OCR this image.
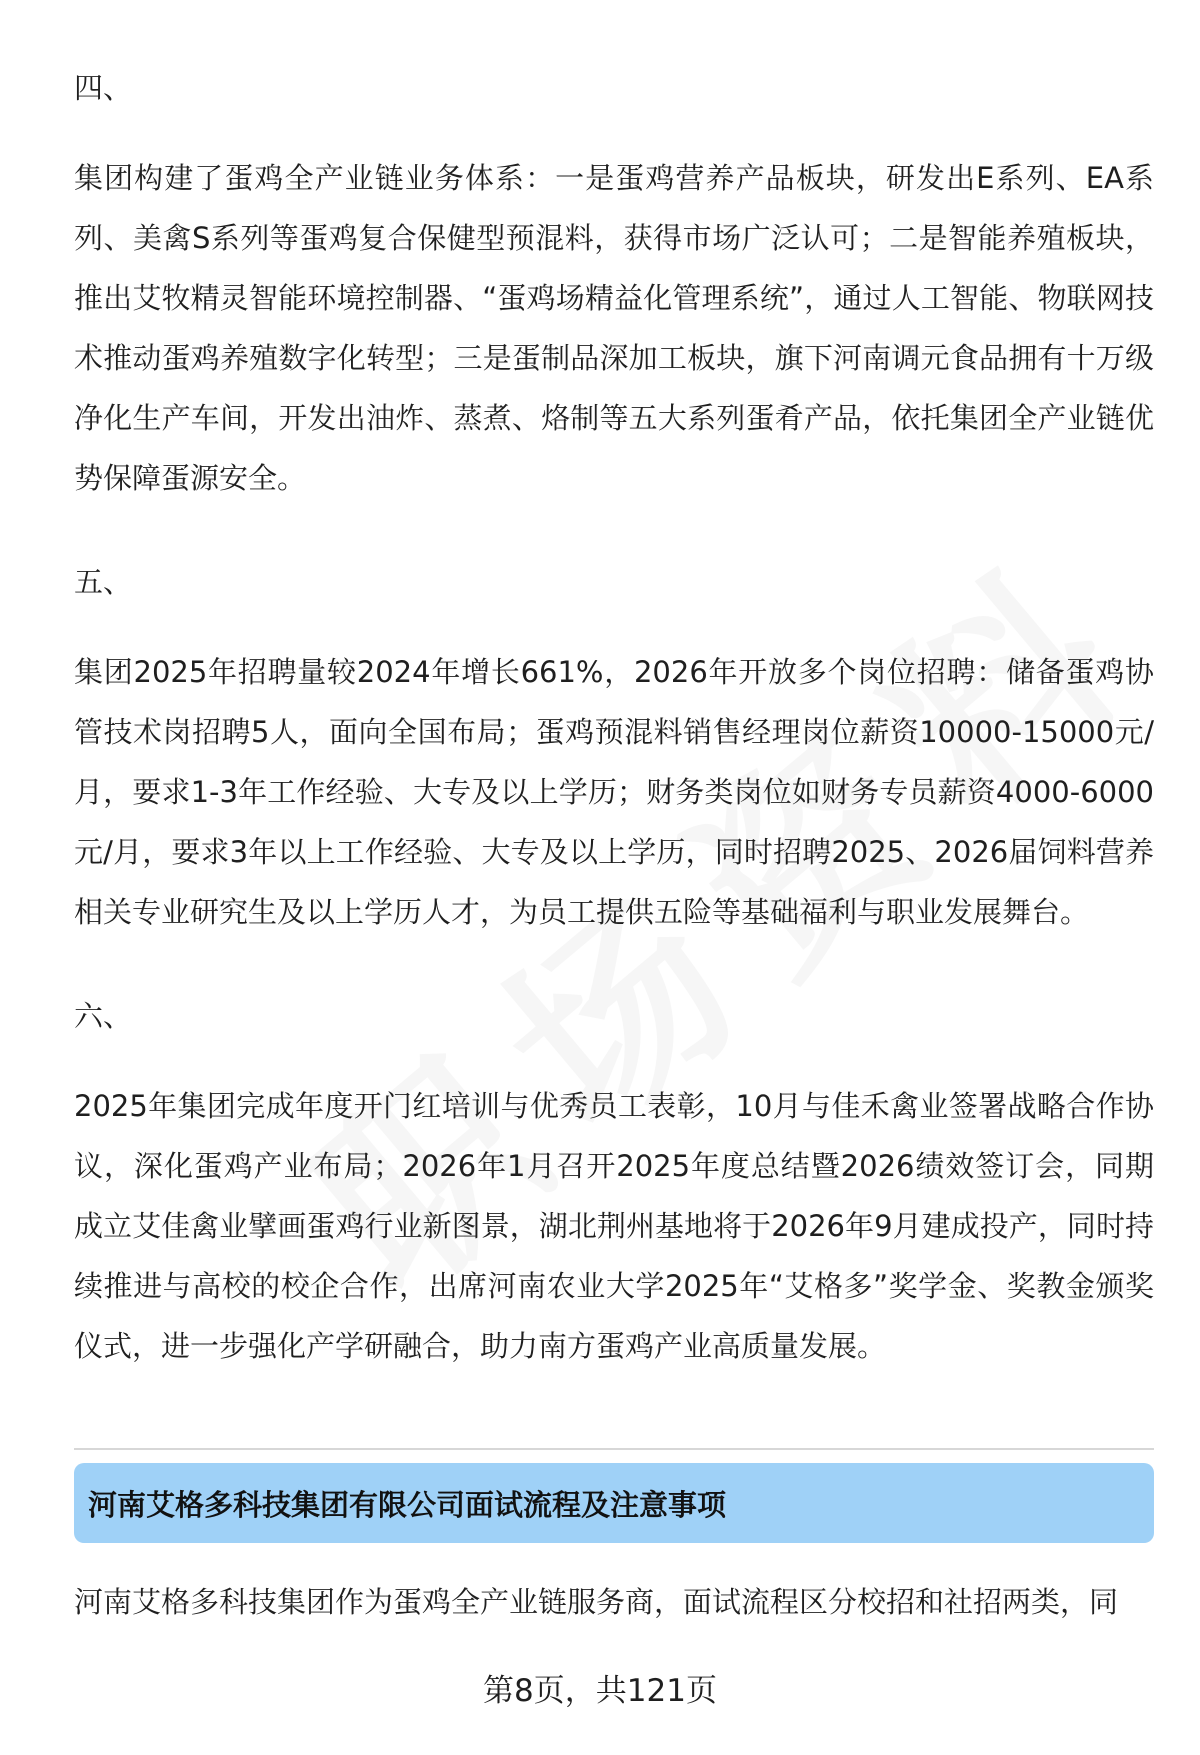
四、

集团构建了蛋鸡全产业链业务体系：一是蛋鸡营养产品板块，研发出E系列、EA系列、美禽S系列等蛋鸡复合保健型预混料，获得市场广泛认可；二是智能养殖板块，推出艾牧精灵智能环境控制器、“蛋鸡场精益化管理系统”，通过人工智能、物联网技术推动蛋鸡养殖数字化转型；三是蛋制品深加工板块，旗下河南调元食品拥有十万级净化生产车间，开发出油炸、蒸煮、烙制等五大系列蛋肴产品，依托集团全产业链优势保障蛋源安全。

五、

集团2025年招聘量较2024年增长661%，2026年开放多个岗位招聘：储备蛋鸡协管技术岗招聘5人，面向全国布局；蛋鸡预混料销售经理岗位薪资10000-15000元/月，要求1-3年工作经验、大专及以上学历；财务类岗位如财务专员薪资4000-6000元/月，要求3年以上工作经验、大专及以上学历，同时招聘2025、2026届饲料营养相关专业研究生及以上学历人才，为员工提供五险等基础福利与职业发展舞台。

六、

2025年集团完成年度开门红培训与优秀员工表彰，10月与佳禾禽业签署战略合作协议，深化蛋鸡产业布局；2026年1月召开2025年度总结暨2026绩效签订会，同期成立艾佳禽业擘画蛋鸡行业新图景，湖北荆州基地将于2026年9月建成投产，同时持续推进与高校的校企合作，出席河南农业大学2025年“艾格多”奖学金、奖教金颁奖仪式，进一步强化产学研融合，助力南方蛋鸡产业高质量发展。

河南艾格多科技集团有限公司面试流程及注意事项

河南艾格多科技集团作为蛋鸡全产业链服务商，面试流程区分校招和社招两类，同

第8页，共121页
